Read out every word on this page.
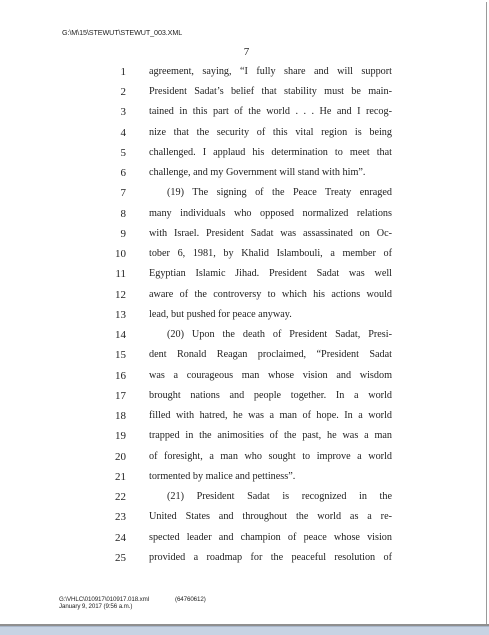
G:\M\15\STEWUT\STEWUT_003.XML
7
1 agreement, saying, “I fully share and will support
2 President Sadat’s belief that stability must be main-
3 tained in this part of the world . . . He and I recog-
4 nize that the security of this vital region is being
5 challenged. I applaud his determination to meet that
6 challenge, and my Government will stand with him”.
7	(19) The signing of the Peace Treaty enraged
8 many individuals who opposed normalized relations
9 with Israel. President Sadat was assassinated on Oc-
10 tober 6, 1981, by Khalid Islambouli, a member of
11 Egyptian Islamic Jihad. President Sadat was well
12 aware of the controversy to which his actions would
13 lead, but pushed for peace anyway.
14	(20) Upon the death of President Sadat, Presi-
15 dent Ronald Reagan proclaimed, “President Sadat
16 was a courageous man whose vision and wisdom
17 brought nations and people together. In a world
18 filled with hatred, he was a man of hope. In a world
19 trapped in the animosities of the past, he was a man
20 of foresight, a man who sought to improve a world
21 tormented by malice and pettiness”.
22	(21) President Sadat is recognized in the
23 United States and throughout the world as a re-
24 spected leader and champion of peace whose vision
25 provided a roadmap for the peaceful resolution of
G:\VHLC\010917\010917.018.xml	(64760612)
January 9, 2017 (9:56 a.m.)
